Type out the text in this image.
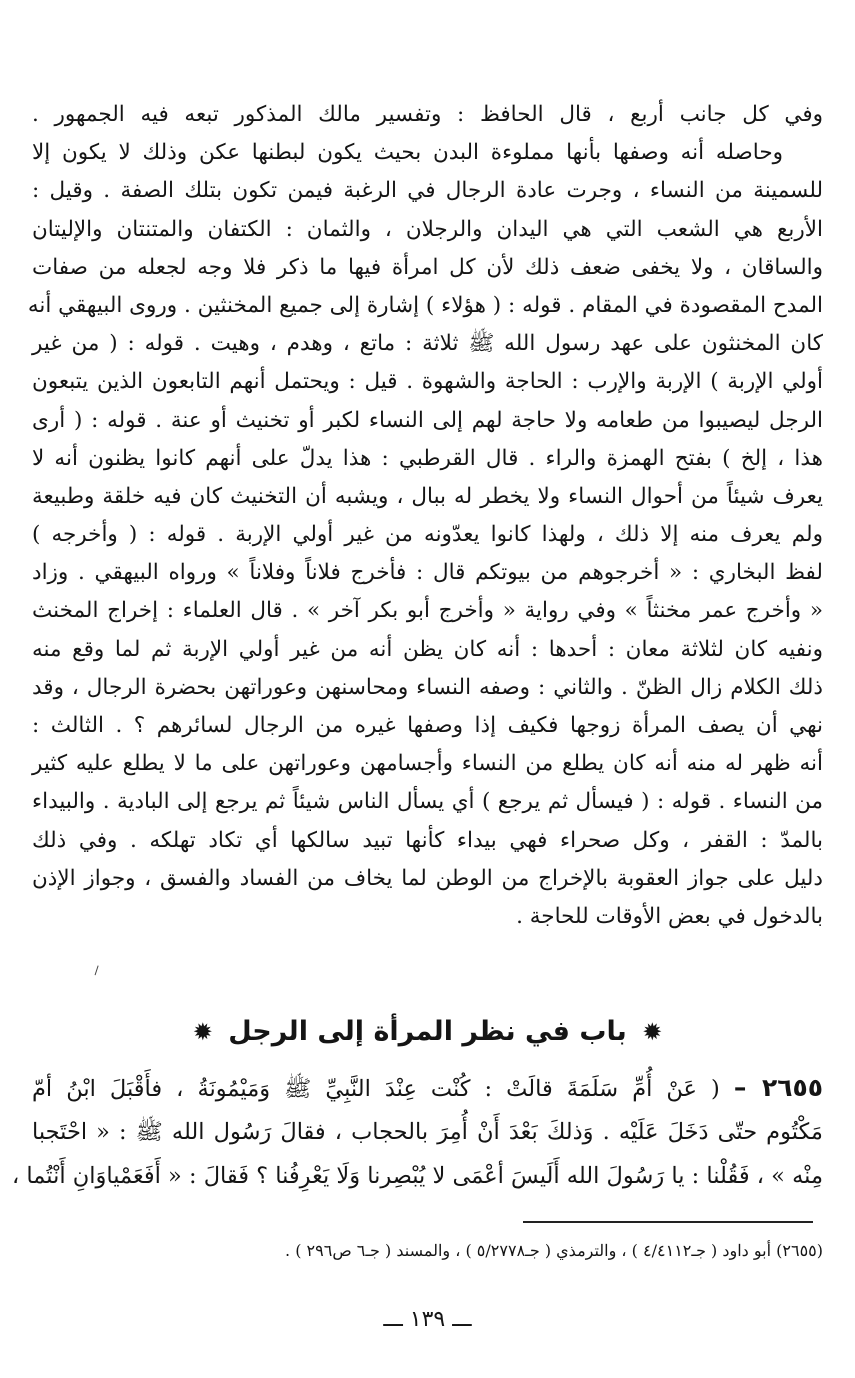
وفي كل جانب أربع ، قال الحافظ : وتفسير مالك المذكور تبعه فيه الجمهور .
وحاصله أنه وصفها بأنها مملوءة البدن بحيث يكون لبطنها عكن وذلك لا يكون إلا
للسمينة من النساء ، وجرت عادة الرجال في الرغبة فيمن تكون بتلك الصفة . وقيل :
الأربع هي الشعب التي هي اليدان والرجلان ، والثمان : الكتفان والمتنتان والإليتان
والساقان ، ولا يخفى ضعف ذلك لأن كل امرأة فيها ما ذكر فلا وجه لجعله من صفات
المدح المقصودة في المقام . قوله : ( هؤلاء ) إشارة إلى جميع المخنثين . وروى البيهقي أنه
كان المخنثون على عهد رسول الله ﷺ ثلاثة : ماتع ، وهدم ، وهيت . قوله : ( من غير
أولي الإربة ) الإربة والإرب : الحاجة والشهوة . قيل : ويحتمل أنهم التابعون الذين يتبعون
الرجل ليصيبوا من طعامه ولا حاجة لهم إلى النساء لكبر أو تخنيث أو عنة . قوله : ( أرى
هذا ، إلخ ) بفتح الهمزة والراء . قال القرطبي : هذا يدلّ على أنهم كانوا يظنون أنه لا
يعرف شيئاً من أحوال النساء ولا يخطر له ببال ، ويشبه أن التخنيث كان فيه خلقة وطبيعة
ولم يعرف منه إلا ذلك ، ولهذا كانوا يعدّونه من غير أولي الإربة . قوله : ( وأخرجه )
لفظ البخاري : « أخرجوهم من بيوتكم قال : فأخرج فلاناً وفلاناً » ورواه البيهقي . وزاد
« وأخرج عمر مخنثاً » وفي رواية « وأخرج أبو بكر آخر » . قال العلماء : إخراج المخنث
ونفيه كان لثلاثة معان : أحدها : أنه كان يظن أنه من غير أولي الإربة ثم لما وقع منه
ذلك الكلام زال الظنّ . والثاني : وصفه النساء ومحاسنهن وعوراتهن بحضرة الرجال ، وقد
نهي أن يصف المرأة زوجها فكيف إذا وصفها غيره من الرجال لسائرهم ؟ . الثالث :
أنه ظهر له منه أنه كان يطلع من النساء وأجسامهن وعوراتهن على ما لا يطلع عليه كثير
من النساء . قوله : ( فيسأل ثم يرجع ) أي يسأل الناس شيئاً ثم يرجع إلى البادية . والبيداء
بالمدّ : القفر ، وكل صحراء فهي بيداء كأنها تبيد سالكها أي تكاد تهلكه . وفي ذلك
دليل على جواز العقوبة بالإخراج من الوطن لما يخاف من الفساد والفسق ، وجواز الإذن
بالدخول في بعض الأوقات للحاجة .
✹ باب في نظر المرأة إلى الرجل ✹
٢٦٥٥ – ( عَنْ أُمِّ سَلَمَةَ قالَتْ : كُنْت عِنْدَ النَّبِيِّ ﷺ وَمَيْمُونَةُ ، فأَقْبَلَ ابْنُ أمّ
مَكْتُوم حتّى دَخَلَ عَلَيْه . وَذلكَ بَعْدَ أَنْ أُمِرَ بالحجاب ، فقالَ رَسُول الله ﷺ : « احْتَجبا
مِنْه » ، فَقُلْنا : يا رَسُولَ الله أَلَيسَ أعْمَى لا يُبْصِرنا وَلَا يَعْرِفُنا ؟ فَقالَ : « أَفَعَمْياوَانِ أَنْتُما ،
(٢٦٥٥) أبو داود ( جـ٤/٤١١٢ ) ، والترمذي ( جـ٥/٢٧٧٨ ) ، والمسند ( جـ٦ ص٢٩٦ ) .
ـــ ١٣٩ ـــ
